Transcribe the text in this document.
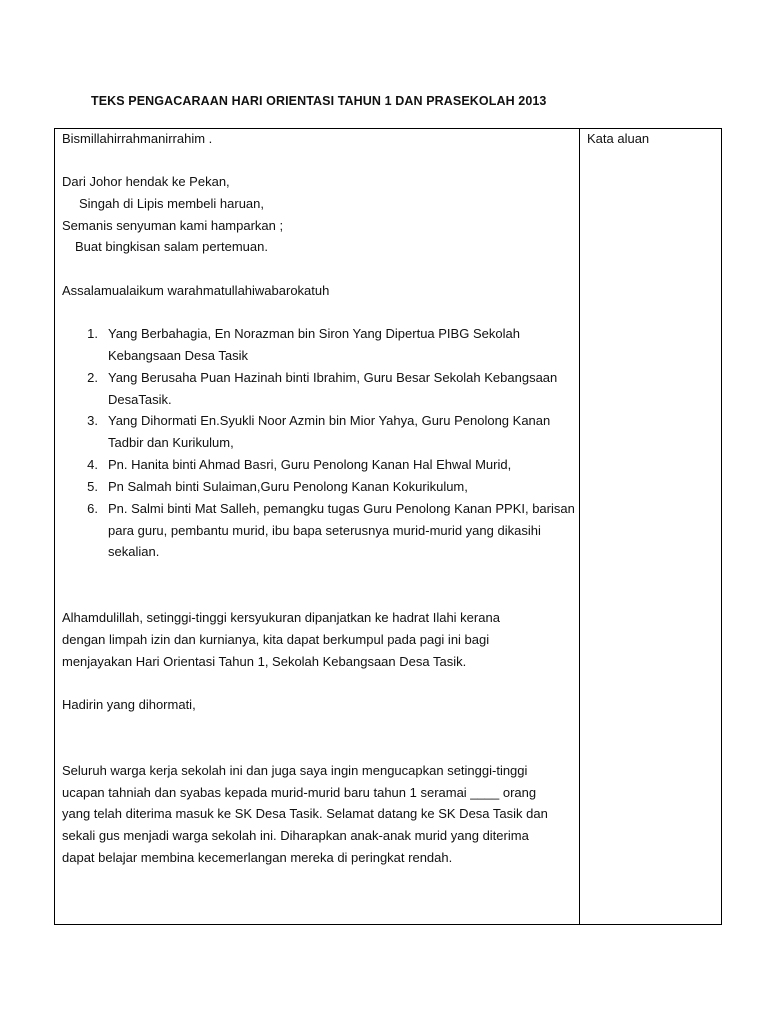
TEKS PENGACARAAN HARI ORIENTASI TAHUN 1 DAN PRASEKOLAH 2013
Bismillahirrahmanirrahim .
Dari Johor hendak ke Pekan,
Singah di Lipis membeli haruan,
Semanis senyuman kami hamparkan ;
Buat bingkisan salam pertemuan.
Assalamualaikum warahmatullahiwabarokatuh
1. Yang Berbahagia, En Norazman bin Siron Yang Dipertua PIBG Sekolah Kebangsaan Desa Tasik
2. Yang Berusaha Puan Hazinah binti Ibrahim, Guru Besar Sekolah Kebangsaan DesaTasik.
3. Yang Dihormati En.Syukli Noor Azmin bin Mior Yahya, Guru Penolong Kanan Tadbir dan Kurikulum,
4. Pn. Hanita binti Ahmad Basri, Guru Penolong Kanan Hal Ehwal Murid,
5. Pn Salmah binti Sulaiman,Guru Penolong Kanan Kokurikulum,
6. Pn. Salmi binti Mat Salleh, pemangku tugas Guru Penolong Kanan PPKI, barisan para guru, pembantu murid, ibu bapa seterusnya murid-murid yang dikasihi sekalian.
Alhamdulillah, setinggi-tinggi kersyukuran dipanjatkan ke hadrat Ilahi kerana
dengan limpah izin dan kurnianya, kita dapat berkumpul pada pagi ini bagi
menjayakan Hari Orientasi Tahun 1, Sekolah Kebangsaan Desa Tasik.
Hadirin yang dihormati,
Seluruh warga kerja sekolah ini dan juga saya ingin mengucapkan setinggi-tinggi
ucapan tahniah dan syabas kepada murid-murid baru tahun 1 seramai ____ orang
yang telah diterima masuk ke SK Desa Tasik. Selamat datang ke SK Desa Tasik dan
sekali gus menjadi warga sekolah ini. Diharapkan anak-anak murid yang diterima
dapat belajar membina kecemerlangan mereka di peringkat rendah.
Kata aluan
